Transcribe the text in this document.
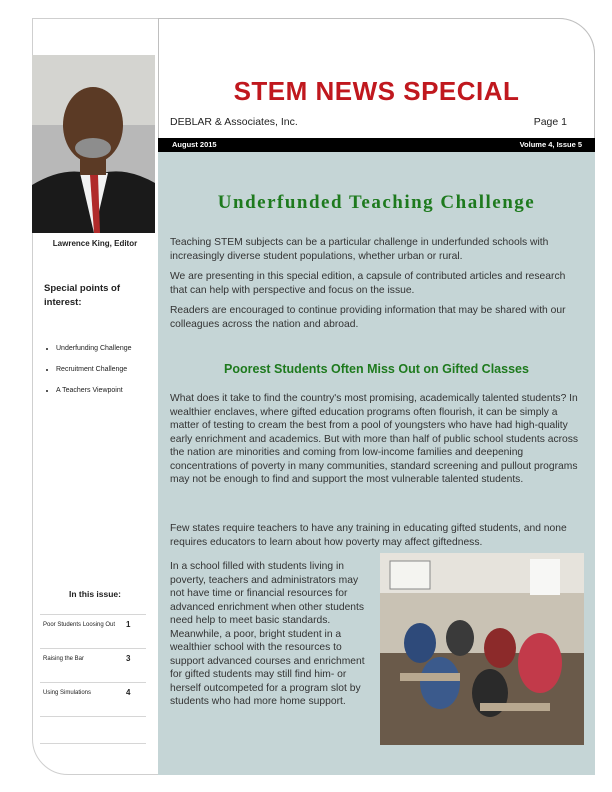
STEM NEWS SPECIAL
DEBLAR & Associates, Inc.	Page 1
August 2015	Volume 4, Issue 5
Lawrence King, Editor
Special points of interest:
• Underfunding Challenge
• Recruitment Challenge
• A Teachers Viewpoint
In this issue:
Poor Students Loosing Out	1
Raising the Bar	3
Using Simulations	4
Underfunded Teaching Challenge

Teaching STEM subjects can be a particular challenge in underfunded schools with increasingly diverse student populations, whether urban or rural.

We are presenting in this special edition, a capsule of contributed articles and research that can help with perspective and focus on the issue.

Readers are encouraged to continue providing information that may be shared with our colleagues across the nation and abroad.

Poorest Students Often Miss Out on Gifted Classes

What does it take to find the country's most promising, academically talented students? In wealthier enclaves, where gifted education programs often flourish, it can be simply a matter of testing to cream the best from a pool of youngsters who have had high-quality early enrichment and academics. But with more than half of public school students across the nation are minorities and coming from low-income families and deepening concentrations of poverty in many communities, standard screening and pullout programs may not be enough to find and support the most vulnerable talented students.

Few states require teachers to have any training in educating gifted students, and none requires educators to learn about how poverty may affect giftedness.

In a school filled with students living in poverty, teachers and administrators may not have time or financial resources for advanced enrichment when other students need help to meet basic standards. Meanwhile, a poor, bright student in a wealthier school with the resources to support advanced courses and enrichment for gifted students may still find him- or herself outcompeted for a program slot by students who had more home support.
